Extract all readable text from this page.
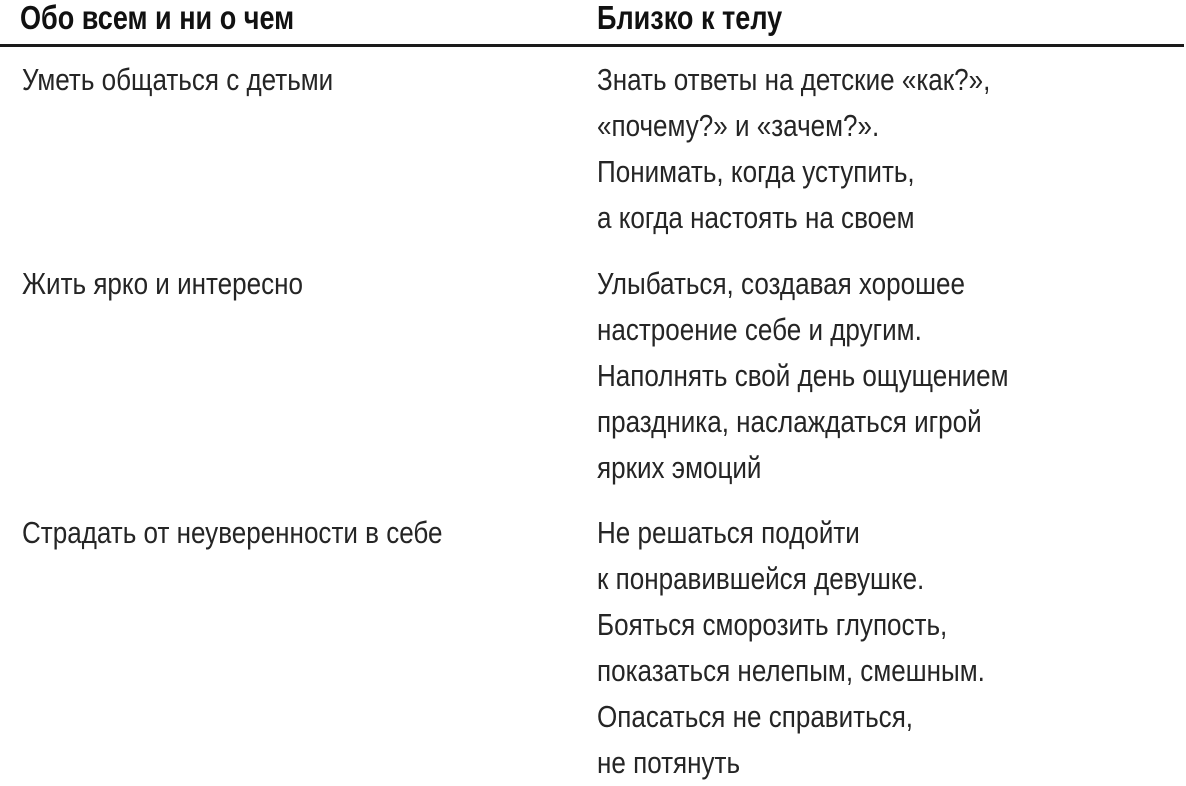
Обо всем и ни о чем	Близко к телу
Уметь общаться с детьми	Знать ответы на детские «как?»,
«почему?» и «зачем?».
Понимать, когда уступить,
а когда настоять на своем
Жить ярко и интересно	Улыбаться, создавая хорошее
настроение себе и другим.
Наполнять свой день ощущением
праздника, наслаждаться игрой
ярких эмоций
Страдать от неуверенности в себе	Не решаться подойти
к понравившейся девушке.
Бояться сморозить глупость,
показаться нелепым, смешным.
Опасаться не справиться,
не потянуть
